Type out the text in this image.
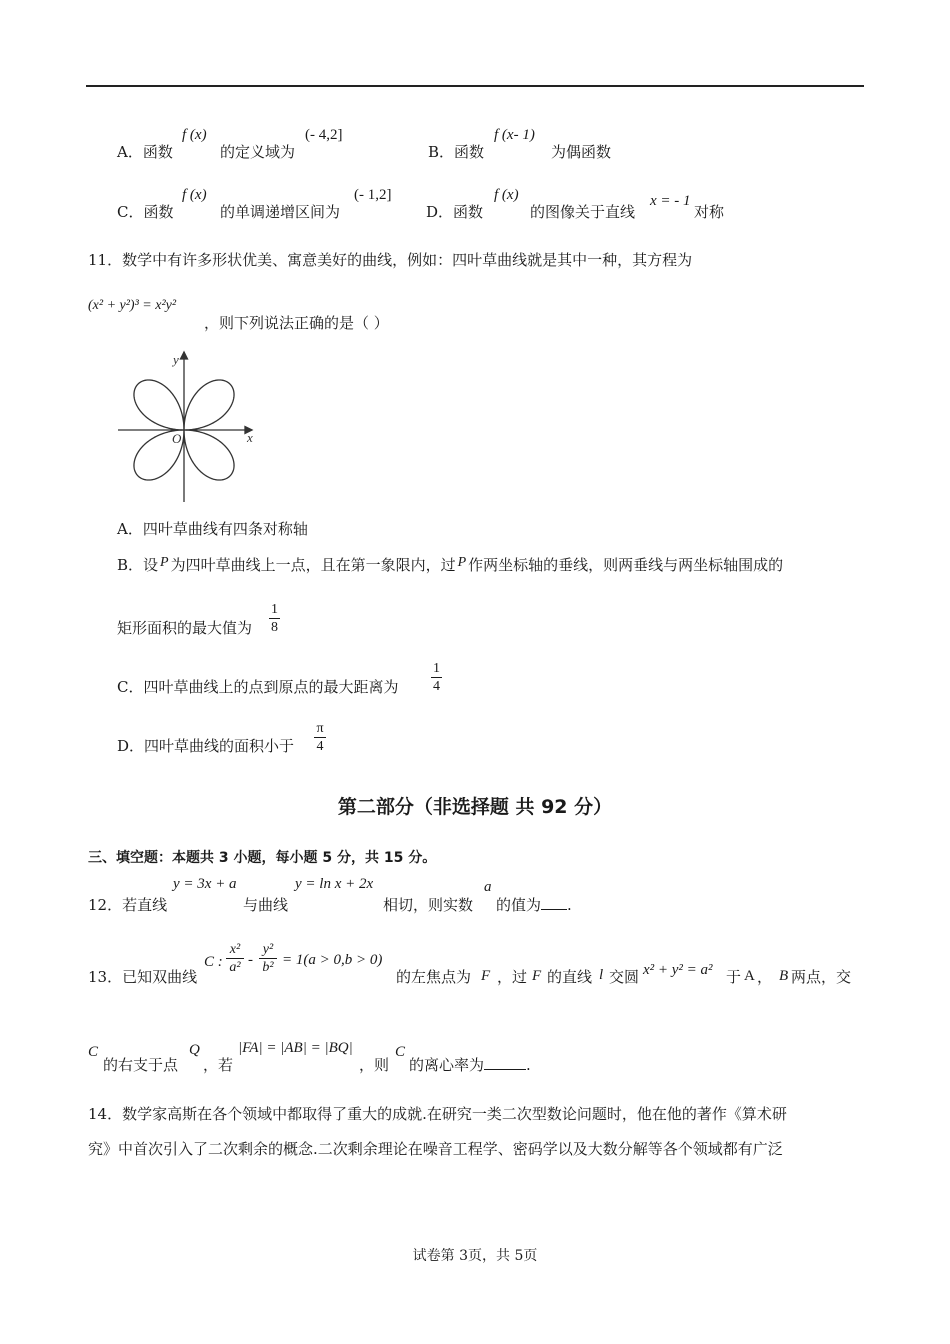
A．函数
f (x)
的定义域为
(- 4,2]
B．函数
f (x- 1)
为偶函数
C．函数
f (x)
的单调递增区间为
(- 1,2]
D．函数
f (x)
的图像关于直线
x = - 1
对称
11．数学中有许多形状优美、寓意美好的曲线，例如：四叶草曲线就是其中一种，其方程为
(x² + y²)³ = x²y²
，则下列说法正确的是（ ）
y
x
O
A．四叶草曲线有四条对称轴
B．设 P 为四叶草曲线上一点，且在第一象限内，过 P 作两坐标轴的垂线，则两垂线与两坐标轴围成的
矩形面积的最大值为
1
8
C．四叶草曲线上的点到原点的最大距离为
1
4
D．四叶草曲线的面积小于
π
4
第二部分（非选择题 共 92 分）
三、填空题：本题共 3 小题，每小题 5 分，共 15 分。
12．若直线
y = 3x + a
与曲线
y = ln x + 2x
相切，则实数
a
的值为 .
13．已知双曲线
C :
x²
a² -
y²
b² = 1(a > 0,b > 0)
的左焦点为 F ，过 F 的直线 l 交圆 x² + y² = a² 于 A ， B 两点，交
C
的右支于点
Q
，若
|FA| = |AB| = |BQ|
，则
C
的离心率为	.
14．数学家高斯在各个领域中都取得了重大的成就.在研究一类二次型数论问题时，他在他的著作《算术研
究》中首次引入了二次剩余的概念.二次剩余理论在噪音工程学、密码学以及大数分解等各个领域都有广泛
试卷第 3页，共 5页
